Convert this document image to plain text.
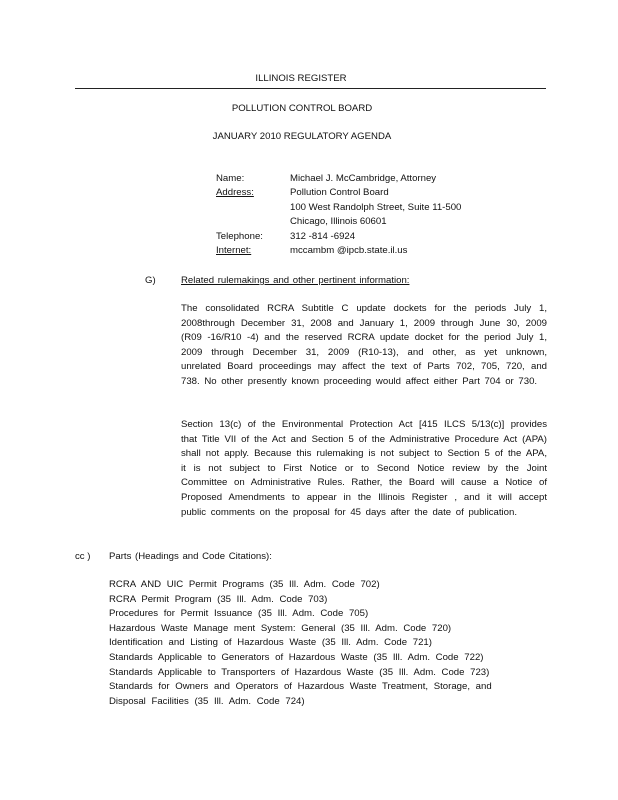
ILLINOIS REGISTER
POLLUTION CONTROL BOARD
JANUARY 2010 REGULATORY AGENDA
Name:	Michael J. McCambridge, Attorney
Address:	Pollution Control Board
100 West Randolph Street, Suite 11-500
Chicago, Illinois 60601
Telephone:	312 -814 -6924
Internet:	mccambm @ipcb.state.il.us
G)	Related rulemakings and other pertinent information:
The consolidated RCRA Subtitle C update dockets for the periods July 1, 2008through December 31, 2008 and January 1, 2009 through June 30, 2009 (R09 -16/R10 -4) and the reserved RCRA update docket for the period July 1, 2009 through December 31, 2009 (R10-13), and other, as yet unknown, unrelated Board proceedings may affect the text of Parts 702, 705, 720, and 738. No other presently known proceeding would affect either Part 704 or 730.
Section 13(c) of the Environmental Protection Act [415 ILCS 5/13(c)] provides that Title VII of the Act and Section 5 of the Administrative Procedure Act (APA) shall not apply. Because this rulemaking is not subject to Section 5 of the APA, it is not subject to First Notice or to Second Notice review by the Joint Committee on Administrative Rules. Rather, the Board will cause a Notice of Proposed Amendments to appear in the Illinois Register , and it will accept public comments on the proposal for 45 days after the date of publication.
cc ) Parts (Headings and Code Citations):
RCRA AND UIC Permit Programs (35 Ill. Adm. Code 702)
RCRA Permit Program (35 Ill. Adm. Code 703)
Procedures for Permit Issuance (35 Ill. Adm. Code 705)
Hazardous Waste Manage ment System: General (35 Ill. Adm. Code 720)
Identification and Listing of Hazardous Waste (35 Ill. Adm. Code 721)
Standards Applicable to Generators of Hazardous Waste (35 Ill. Adm. Code 722)
Standards Applicable to Transporters of Hazardous Waste (35 Ill. Adm. Code 723)
Standards for Owners and Operators of Hazardous Waste Treatment, Storage, and
Disposal Facilities (35 Ill. Adm. Code 724)
